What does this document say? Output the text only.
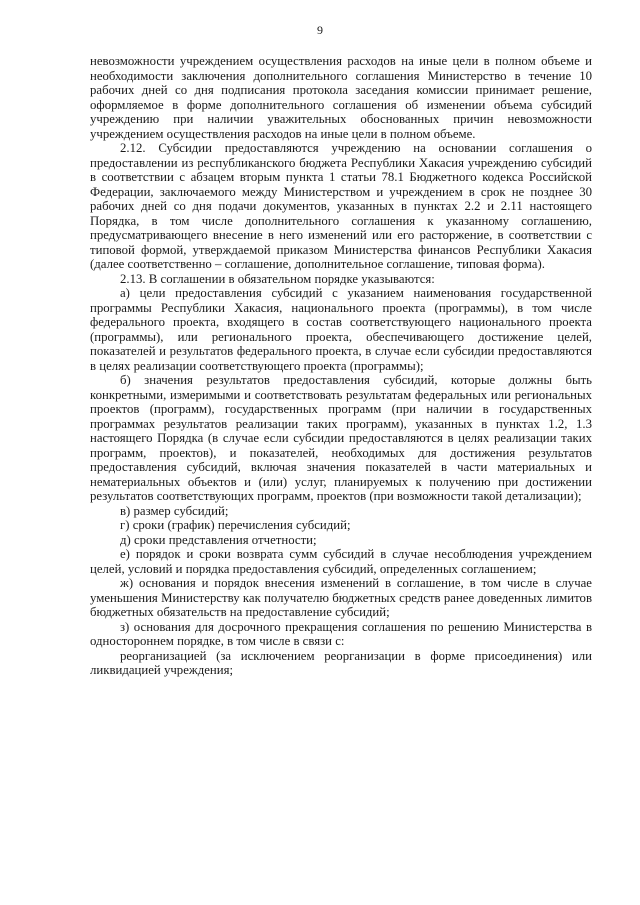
9

невозможности учреждением осуществления расходов на иные цели в полном объеме и необходимости заключения дополнительного соглашения Министерство в течение 10 рабочих дней со дня подписания протокола заседания комиссии принимает решение, оформляемое в форме дополнительного соглашения об изменении объема субсидий учреждению при наличии уважительных обоснованных причин невозможности учреждением осуществления расходов на иные цели в полном объеме.

2.12. Субсидии предоставляются учреждению на основании соглашения о предоставлении из республиканского бюджета Республики Хакасия учреждению субсидий в соответствии с абзацем вторым пункта 1 статьи 78.1 Бюджетного кодекса Российской Федерации, заключаемого между Министерством и учреждением в срок не позднее 30 рабочих дней со дня подачи документов, указанных в пунктах 2.2 и 2.11 настоящего Порядка, в том числе дополнительного соглашения к указанному соглашению, предусматривающего внесение в него изменений или его расторжение, в соответствии с типовой формой, утверждаемой приказом Министерства финансов Республики Хакасия (далее соответственно – соглашение, дополнительное соглашение, типовая форма).

2.13. В соглашении в обязательном порядке указываются:

а) цели предоставления субсидий с указанием наименования государственной программы Республики Хакасия, национального проекта (программы), в том числе федерального проекта, входящего в состав соответствующего национального проекта (программы), или регионального проекта, обеспечивающего достижение целей, показателей и результатов федерального проекта, в случае если субсидии предоставляются в целях реализации соответствующего проекта (программы);

б) значения результатов предоставления субсидий, которые должны быть конкретными, измеримыми и соответствовать результатам федеральных или региональных проектов (программ), государственных программ (при наличии в государственных программах результатов реализации таких программ), указанных в пунктах 1.2, 1.3 настоящего Порядка (в случае если субсидии предоставляются в целях реализации таких программ, проектов), и показателей, необходимых для достижения результатов предоставления субсидий, включая значения показателей в части материальных и нематериальных объектов и (или) услуг, планируемых к получению при достижении результатов соответствующих программ, проектов (при возможности такой детализации);

в) размер субсидий;

г) сроки (график) перечисления субсидий;

д) сроки представления отчетности;

е) порядок и сроки возврата сумм субсидий в случае несоблюдения учреждением целей, условий и порядка предоставления субсидий, определенных соглашением;

ж) основания и порядок внесения изменений в соглашение, в том числе в случае уменьшения Министерству как получателю бюджетных средств ранее доведенных лимитов бюджетных обязательств на предоставление субсидий;

з) основания для досрочного прекращения соглашения по решению Министерства в одностороннем порядке, в том числе в связи с:

реорганизацией (за исключением реорганизации в форме присоединения) или ликвидацией учреждения;
